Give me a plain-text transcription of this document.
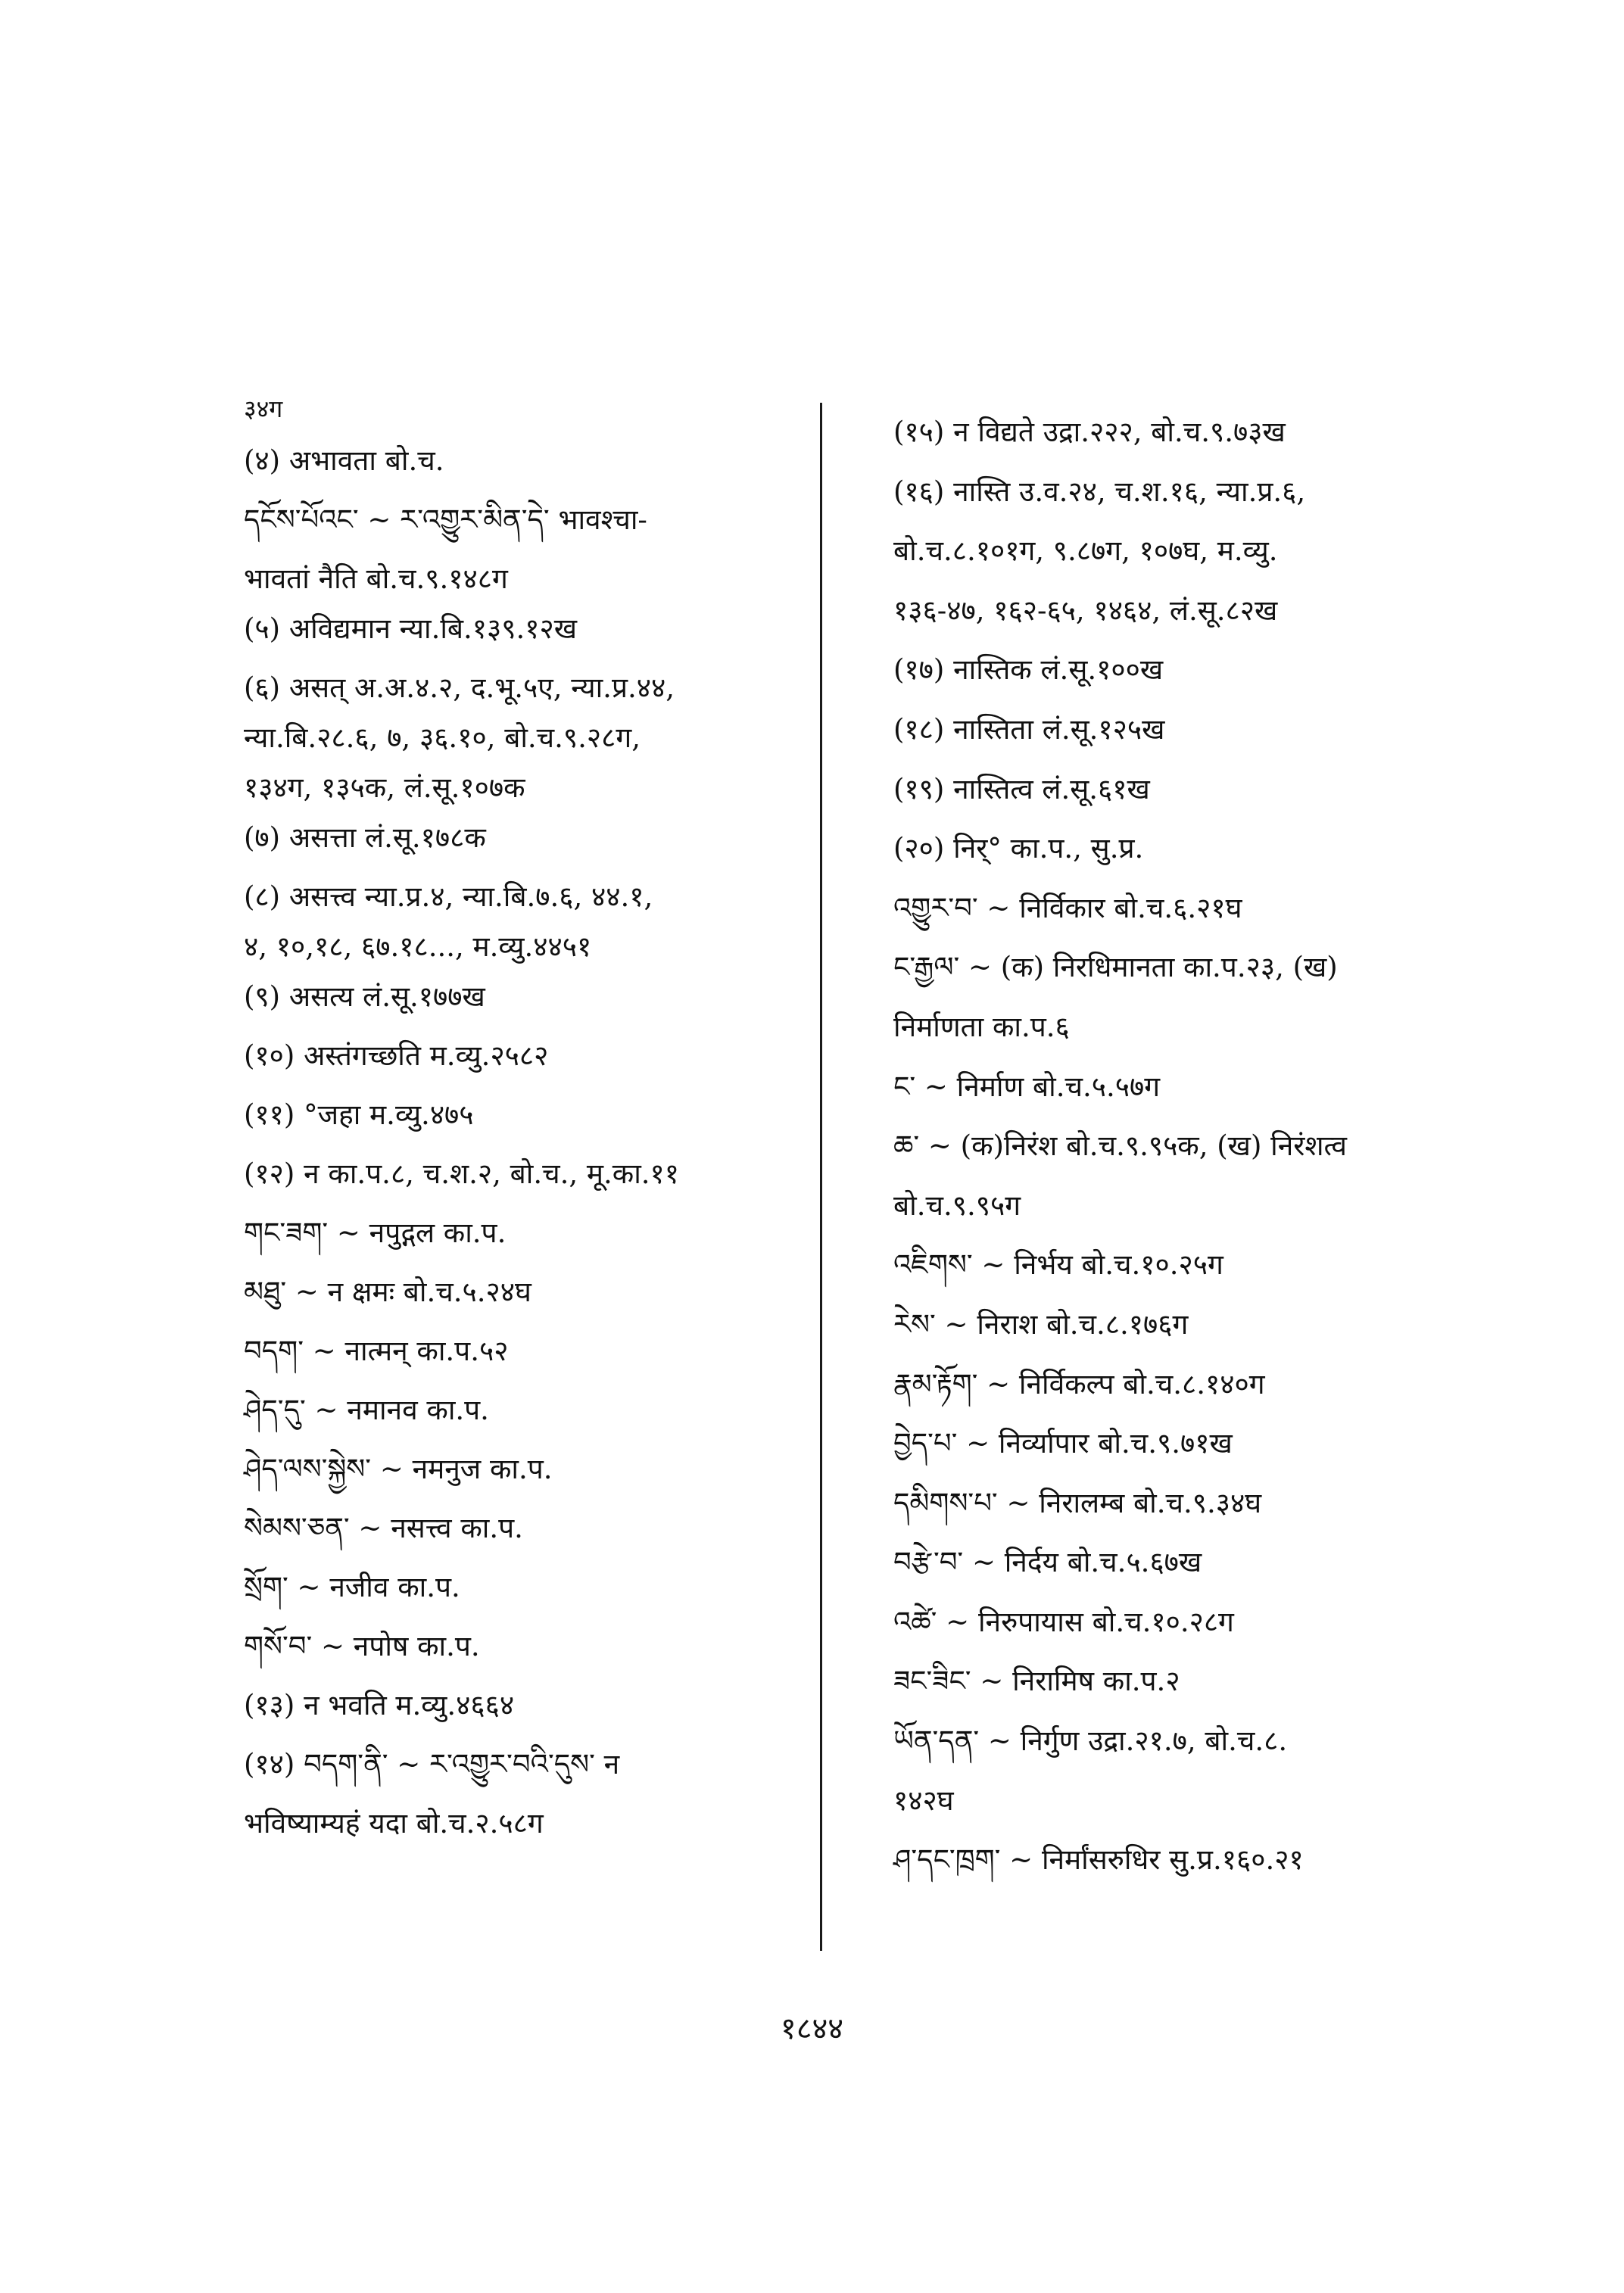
३४ग
(४) अभावता बो.च.
དངོས་པོའང་ ~ ར་འགྱུར་མིན་དེ་ भावश्चा-
भावतां नैति बो.च.९.१४८ग
(५) अविद्यमान न्या.बि.१३९.१२ख
(६) असत् अ.अ.४.२, द.भू.५ए, न्या.प्र.४४,
न्या.बि.२८.६, ७, ३६.१०, बो.च.९.२८ग,
१३४ग, १३५क, लं.सू.१०७क
(७) असत्ता लं.सू.१७८क
(८) असत्त्व न्या.प्र.४, न्या.बि.७.६, ४४.१,
४, १०,१८, ६७.१८..., म.व्यु.४४५१
(९) असत्य लं.सू.१७७ख
(१०) अस्तंगच्छति म.व्यु.२५८२
(११) °जहा म.व्यु.४७५
(१२) न का.प.८, च.श.२, बो.च., मू.का.११
གང་ཟག་ ~ नपुद्गल का.प.
མཐུ་ ~ न क्षमः बो.च.५.२४घ
བདག་ ~ नात्मन् का.प.५२
ཤེད་དུ་ ~ नमानव का.प.
ཤེད་ལས་སྐྱེས་ ~ नमनुज का.प.
སེམས་ཅན་ ~ नसत्त्व का.प.
སྲོག་ ~ नजीव का.प.
གསོ་བ་ ~ नपोष का.प.
(१३) न भवति म.व्यु.४६६४
(१४) བདག་ནི་ ~ ར་འགྱུར་བའི་དུས་ न
भविष्याम्यहं यदा बो.च.२.५८ग
(१५) न विद्यते उद्रा.२२२, बो.च.९.७३ख
(१६) नास्ति उ.व.२४, च.श.१६, न्या.प्र.६,
बो.च.८.१०१ग, ९.८७ग, १०७घ, म.व्यु.
१३६-४७, १६२-६५, १४६४, लं.सू.८२ख
(१७) नास्तिक लं.सू.१००ख
(१८) नास्तिता लं.सू.१२५ख
(१९) नास्तित्व लं.सू.६१ख
(२०) निर्° का.प., सु.प्र.
འགྱུར་བ་ ~ निर्विकार बो.च.६.२१घ
ང་རྒྱལ་ ~ (क) निरधिमानता का.प.२३, (ख)
निर्माणता का.प.६
ང་ ~ निर्माण बो.च.५.५७ग
ཆ་ ~ (क)निरंश बो.च.९.९५क, (ख) निरंशत्व
बो.च.९.९५ग
འཇིགས་ ~ निर्भय बो.च.१०.२५ग
རེས་ ~ निराश बो.च.८.१७६ग
རྣམ་རྟོག་ ~ निर्विकल्प बो.च.८.१४०ग
བྱེད་པ་ ~ निर्व्यापार बो.च.९.७१ख
དམིགས་པ་ ~ निरालम्ब बो.च.९.३४घ
བརྩེ་བ་ ~ निर्दय बो.च.५.६७ख
འཚེ་ ~ निरुपायास बो.च.१०.२८ग
ཟང་ཟིང་ ~ निरामिष का.प.२
ཡོན་དན་ ~ निर्गुण उद्रा.२१.७, बो.च.८.
१४२घ
ཤ་དང་ཁྲག་ ~ निर्मांसरुधिर सु.प्र.१६०.२१
१८४४
